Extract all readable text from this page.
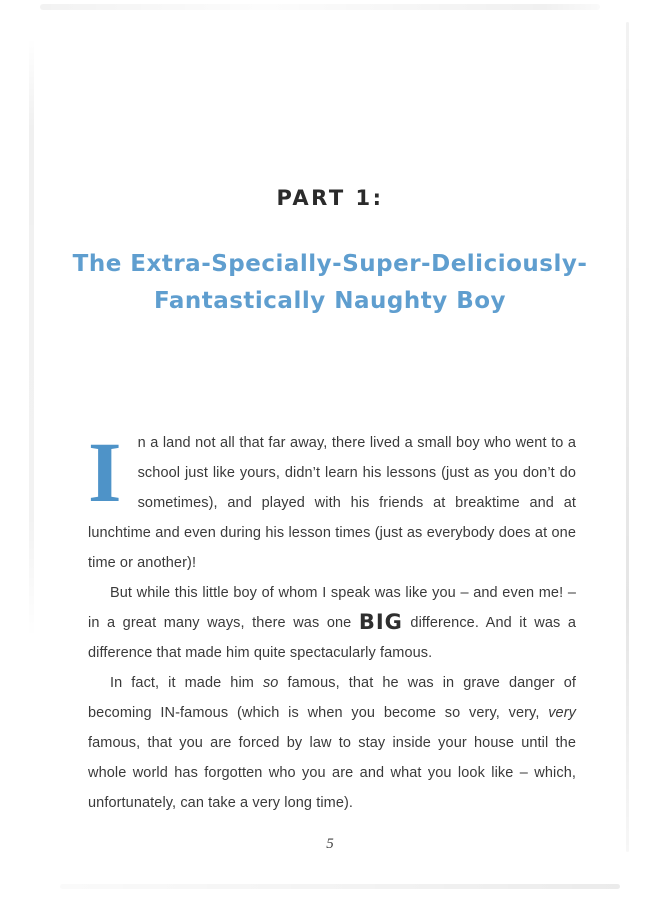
PART 1:
The Extra-Specially-Super-Deliciously-
Fantastically Naughty Boy

I n a land not all that far away, there lived a small boy who went to a school just like yours, didn’t learn his lessons (just as you don’t do sometimes), and played with his friends at breaktime and at lunchtime and even during his lesson times (just as everybody does at one time or another)!

But while this little boy of whom I speak was like you – and even me! – in a great many ways, there was one BIG difference. And it was a difference that made him quite spectacularly famous.

In fact, it made him so famous, that he was in grave danger of becoming IN-famous (which is when you become so very, very, very famous, that you are forced by law to stay inside your house until the whole world has forgotten who you are and what you look like – which, unfortunately, can take a very long time).

5
